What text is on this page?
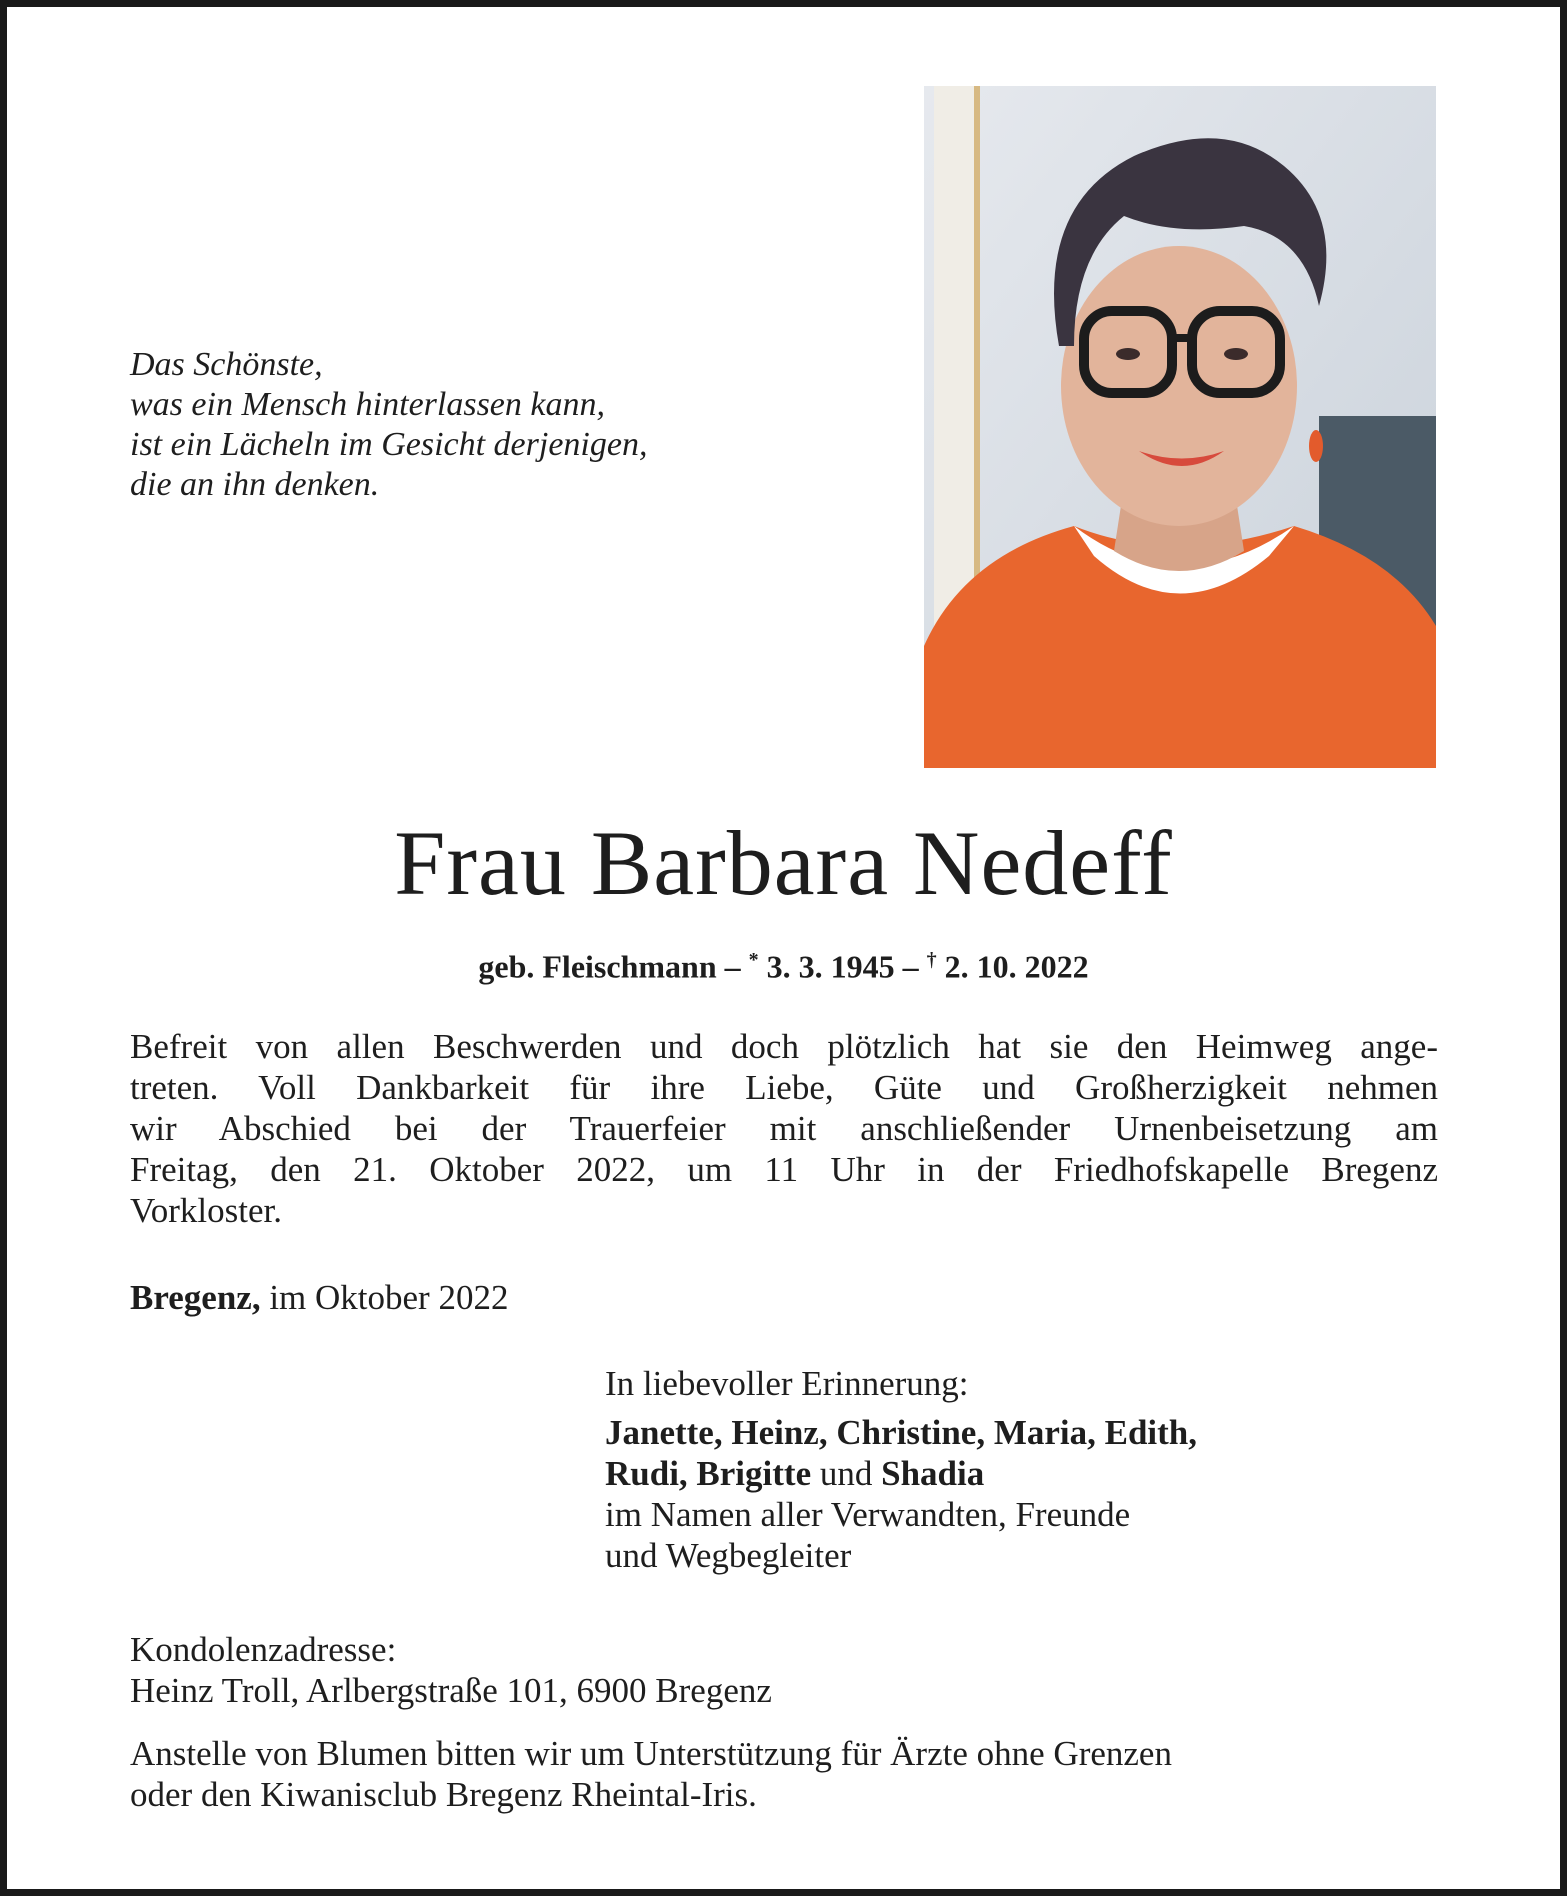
Das Schönste,
was ein Mensch hinterlassen kann,
ist ein Lächeln im Gesicht derjenigen,
die an ihn denken.
Frau Barbara Nedeff
geb. Fleischmann – * 3. 3. 1945 – † 2. 10. 2022
Befreit von allen Beschwerden und doch plötzlich hat sie den Heimweg ange-
treten. Voll Dankbarkeit für ihre Liebe, Güte und Großherzigkeit nehmen
wir Abschied bei der Trauerfeier mit anschließender Urnenbeisetzung am
Freitag, den 21. Oktober 2022, um 11 Uhr in der Friedhofskapelle Bregenz
Vorkloster.
Bregenz, im Oktober 2022
In liebevoller Erinnerung:
Janette, Heinz, Christine, Maria, Edith,
Rudi, Brigitte und Shadia
im Namen aller Verwandten, Freunde
und Wegbegleiter
Kondolenzadresse:
Heinz Troll, Arlbergstraße 101, 6900 Bregenz
Anstelle von Blumen bitten wir um Unterstützung für Ärzte ohne Grenzen
oder den Kiwanisclub Bregenz Rheintal-Iris.
